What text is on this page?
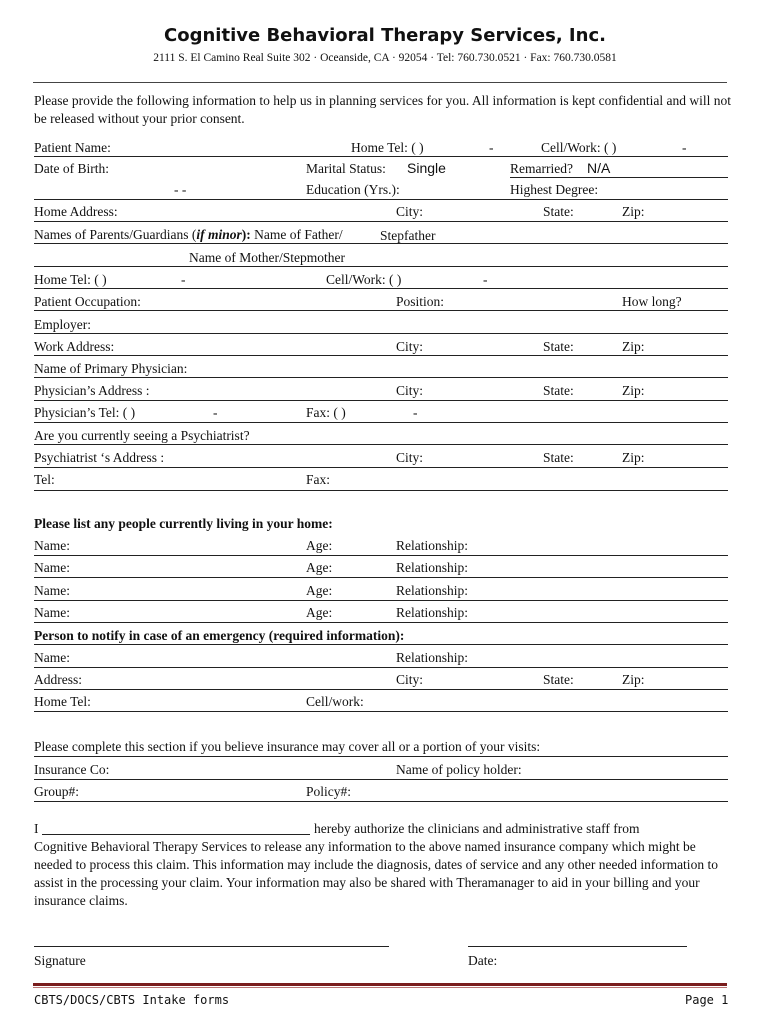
Cognitive Behavioral Therapy Services, Inc.
2111 S. El Camino Real Suite 302 · Oceanside, CA · 92054 · Tel: 760.730.0521 · Fax: 760.730.0581
Please provide the following information to help us in planning services for you. All information is kept confidential and will not be released without your prior consent.
Patient Name:	Home Tel: ( )	-	Cell/Work: ( )	-
Date of Birth:	Marital Status: Single	Remarried? N/A
- -	Education (Yrs.):	Highest Degree:
Home Address:	City:	State:	Zip:
Names of Parents/Guardians (if minor): Name of Father/	Stepfather
Name of Mother/Stepmother
Home Tel: ( )	-	Cell/Work: ( )	-
Patient Occupation:	Position:	How long?
Employer:
Work Address:	City:	State:	Zip:
Name of Primary Physician:
Physician’s Address :	City:	State:	Zip:
Physician’s Tel: ( )	-	Fax: ( )	-
Are you currently seeing a Psychiatrist?
Psychiatrist ‘s Address :	City:	State:	Zip:
Tel:	Fax:
Please list any people currently living in your home:
Name:	Age:	Relationship:
Name:	Age:	Relationship:
Name:	Age:	Relationship:
Name:	Age:	Relationship:
Person to notify in case of an emergency (required information):
Name:	Relationship:
Address:	City:	State:	Zip:
Home Tel:	Cell/work:
Please complete this section if you believe insurance may cover all or a portion of your visits:
Insurance Co:	Name of policy holder:
Group#:	Policy#:
I	hereby authorize the clinicians and administrative staff from
Cognitive Behavioral Therapy Services to release any information to the above named insurance company which might be needed to process this claim. This information may include the diagnosis, dates of service and any other needed information to assist in the processing your claim. Your information may also be shared with Theramanager to aid in your billing and your insurance claims.
Signature	Date:
CBTS/DOCS/CBTS Intake forms	Page 1
